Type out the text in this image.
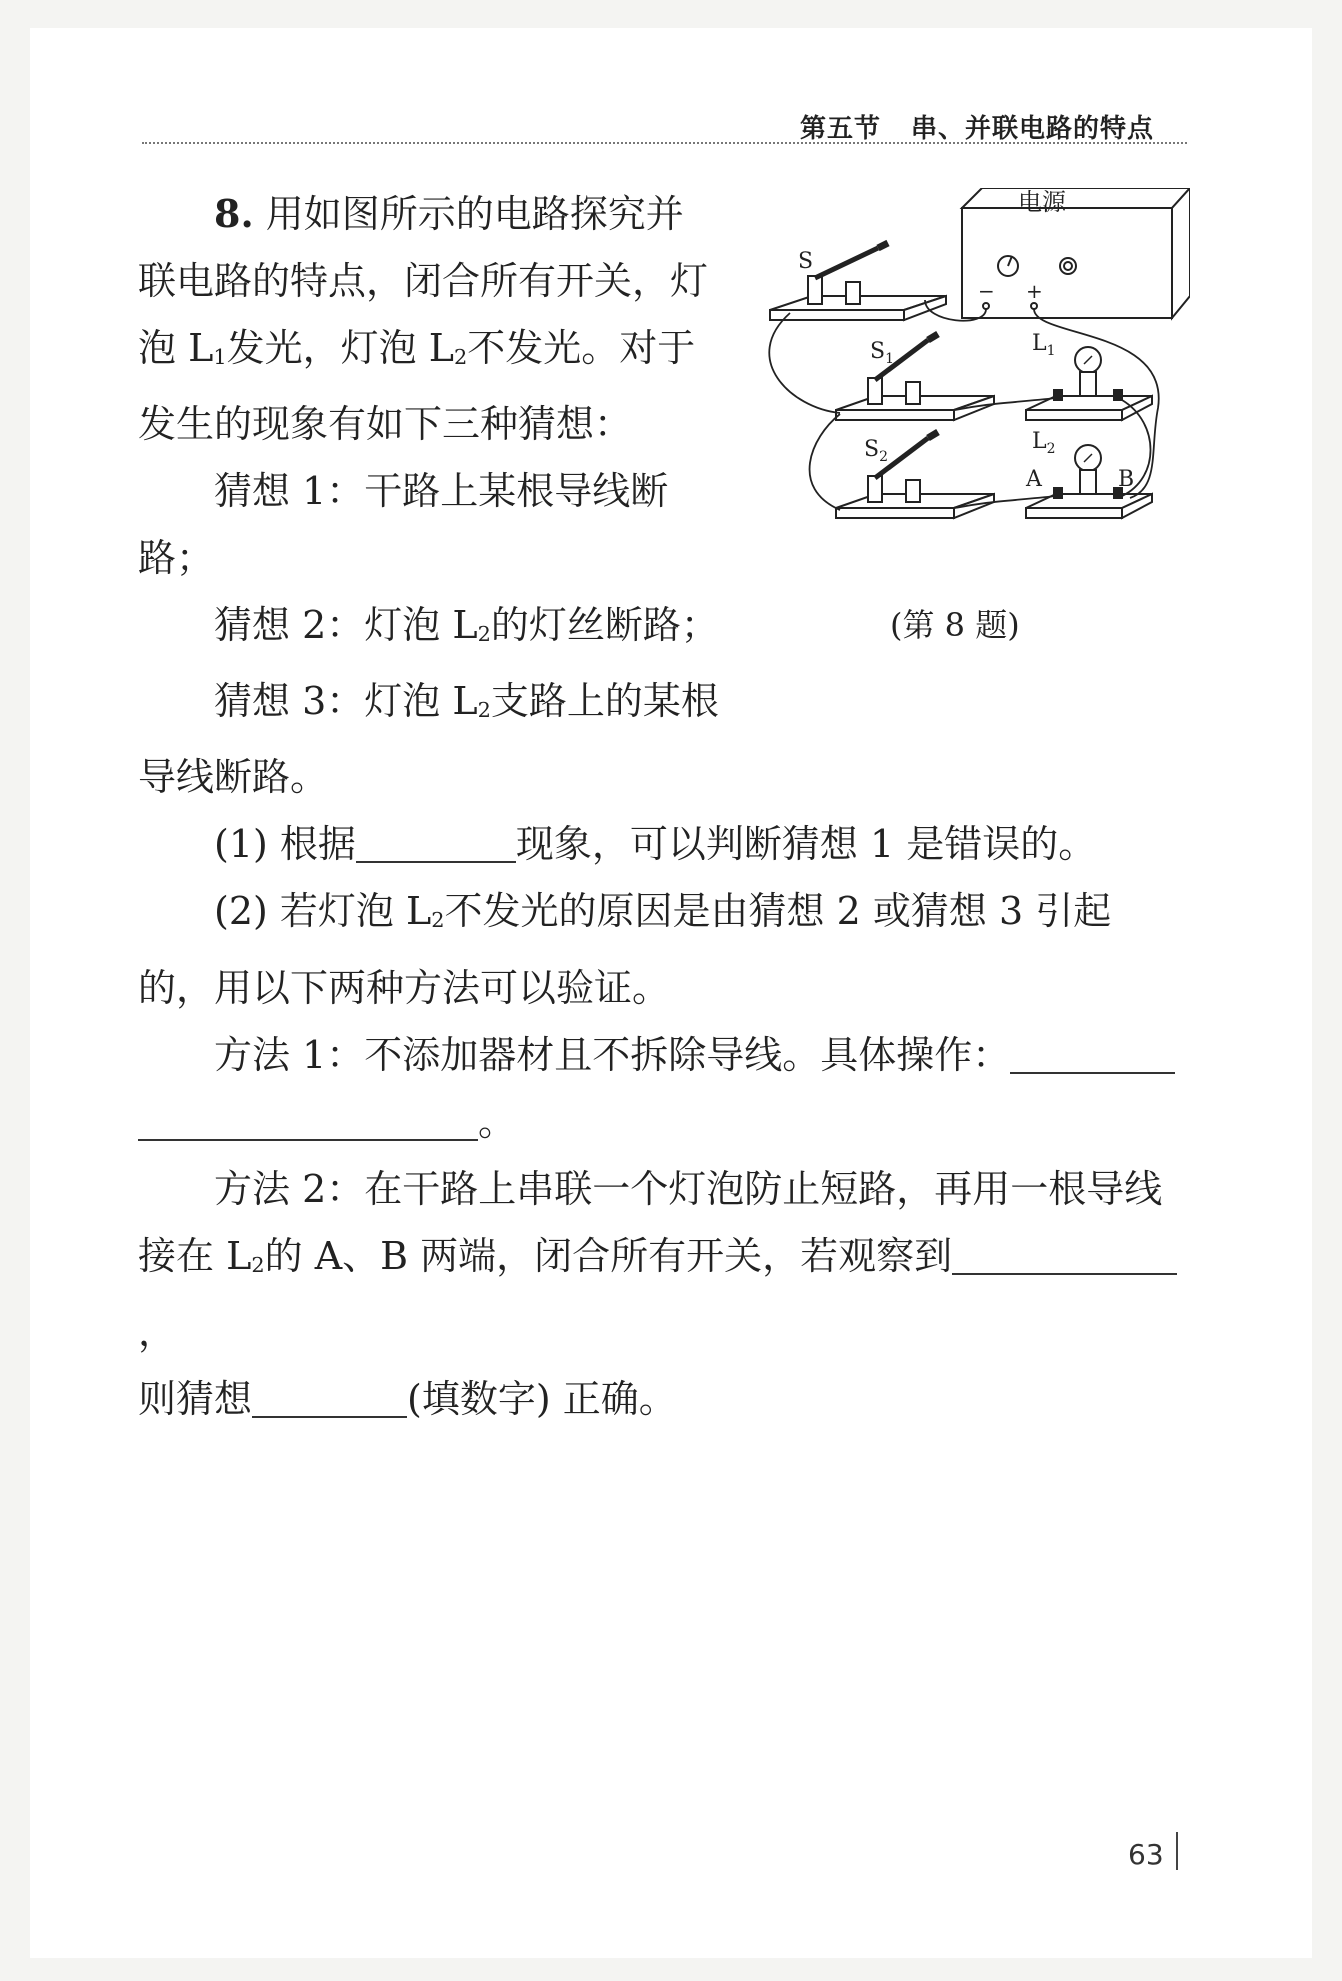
第五节 串、并联电路的特点

8. 用如图所示的电路探究并

联电路的特点，闭合所有开关，灯

泡 L1发光，灯泡 L2不发光。对于

发生的现象有如下三种猜想：

猜想 1：干路上某根导线断路；

猜想 2：灯泡 L2的灯丝断路；

猜想 3：灯泡 L2支路上的某根

导线断路。

(1) 根据	现象，可以判断猜想 1 是错误的。

(2) 若灯泡 L2不发光的原因是由猜想 2 或猜想 3 引起

的，用以下两种方法可以验证。

方法 1：不添加器材且不拆除导线。具体操作：

。

方法 2：在干路上串联一个灯泡防止短路，再用一根导线

接在 L2的 A、B 两端，闭合所有开关，若观察到，

则猜想	(填数字) 正确。

电源
− +
S
$S_1$
$S_2$
$L_1$
$L_2$
A	B
(第 8 题)
63
